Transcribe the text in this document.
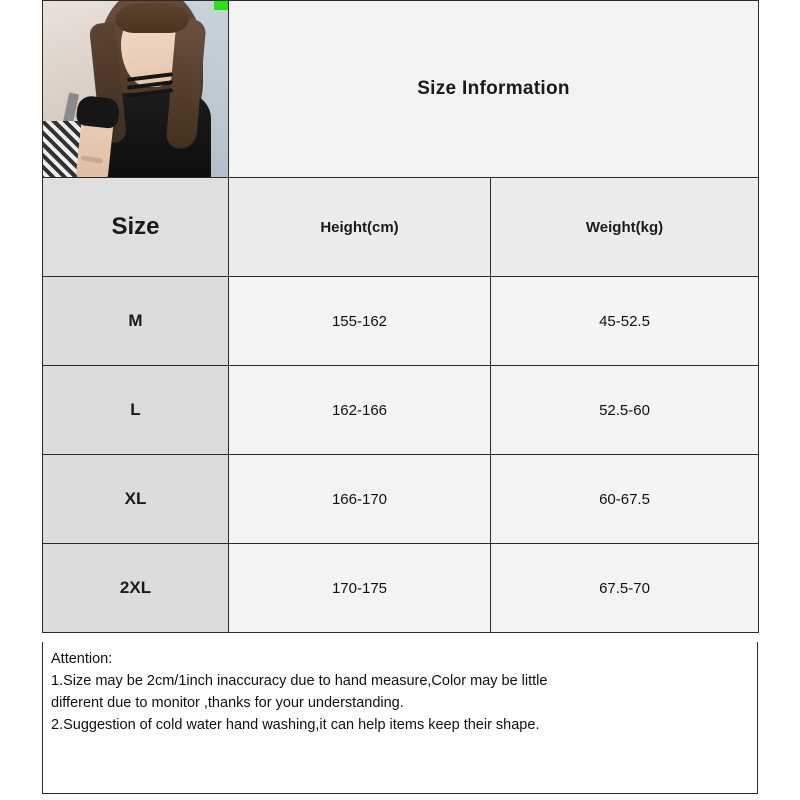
	Size Information	
Size	Height(cm)	Weight(kg)
M	155-162	45-52.5
L	162-166	52.5-60
XL	166-170	60-67.5
2XL	170-175	67.5-70

Attention:

1.Size may be 2cm/1inch inaccuracy due to hand measure,Color may be little

different due to monitor ,thanks for your understanding.

2.Suggestion of cold water hand washing,it can help items keep their shape.
